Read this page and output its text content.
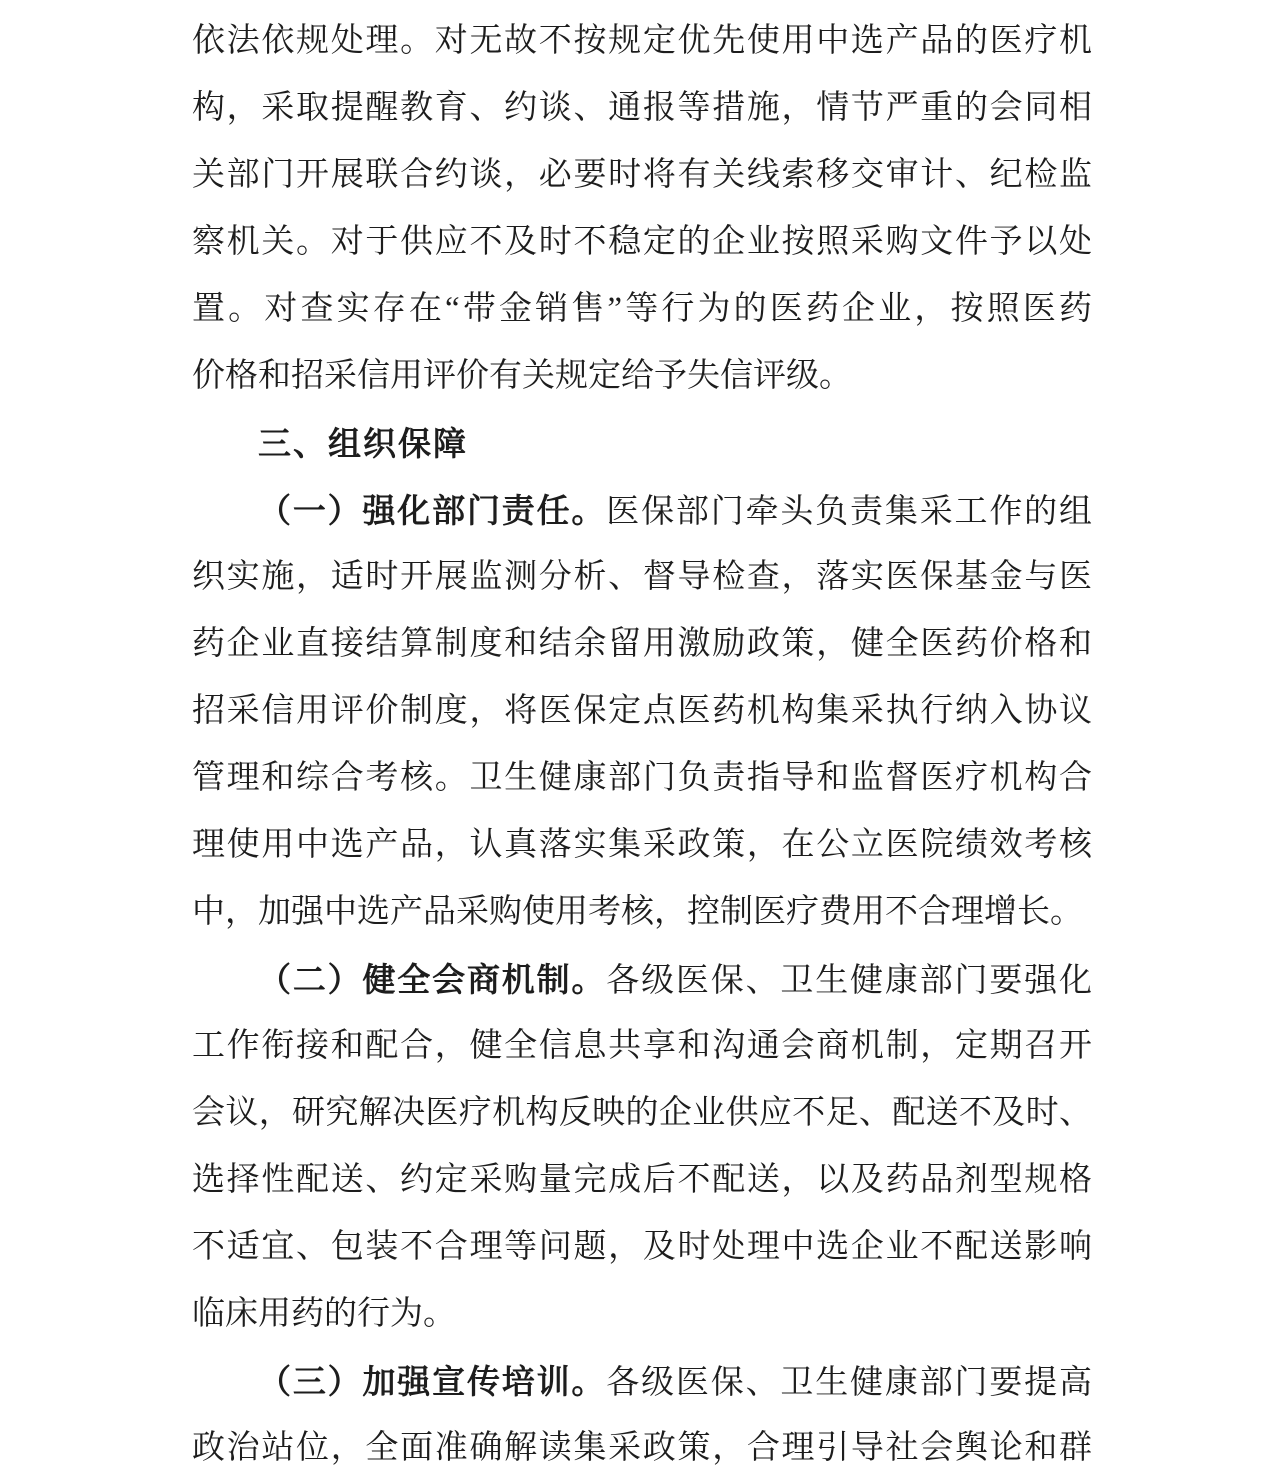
依法依规处理。对无故不按规定优先使用中选产品的医疗机
构，采取提醒教育、约谈、通报等措施，情节严重的会同相
关部门开展联合约谈，必要时将有关线索移交审计、纪检监
察机关。对于供应不及时不稳定的企业按照采购文件予以处
置。对查实存在“带金销售”等行为的医药企业，按照医药
价格和招采信用评价有关规定给予失信评级。
三、组织保障
（一）强化部门责任。医保部门牵头负责集采工作的组
织实施，适时开展监测分析、督导检查，落实医保基金与医
药企业直接结算制度和结余留用激励政策，健全医药价格和
招采信用评价制度，将医保定点医药机构集采执行纳入协议
管理和综合考核。卫生健康部门负责指导和监督医疗机构合
理使用中选产品，认真落实集采政策，在公立医院绩效考核
中，加强中选产品采购使用考核，控制医疗费用不合理增长。
（二）健全会商机制。各级医保、卫生健康部门要强化
工作衔接和配合，健全信息共享和沟通会商机制，定期召开
会议，研究解决医疗机构反映的企业供应不足、配送不及时、
选择性配送、约定采购量完成后不配送，以及药品剂型规格
不适宜、包装不合理等问题，及时处理中选企业不配送影响
临床用药的行为。
（三）加强宣传培训。各级医保、卫生健康部门要提高
政治站位，全面准确解读集采政策，合理引导社会舆论和群
